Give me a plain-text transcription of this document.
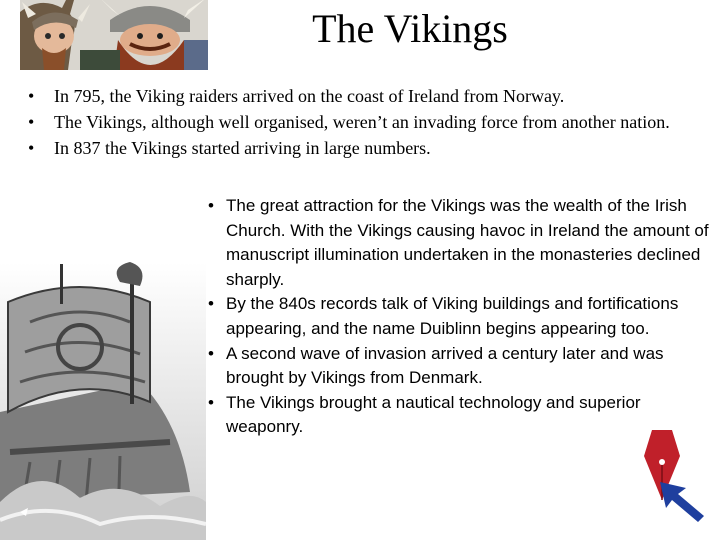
The Vikings
• In 795, the Viking raiders arrived on the coast of Ireland from Norway.
• The Vikings, although well organised, weren’t an invading force from another nation.
• In 837 the Vikings started arriving in large numbers.
• The great attraction for the Vikings was the wealth of the Irish Church. With the Vikings causing havoc in Ireland the amount of manuscript illumination undertaken in the monasteries declined sharply.
• By the 840s records talk of Viking buildings and fortifications appearing, and the name Duiblinn begins appearing too.
• A second wave of invasion arrived a century later and was brought by Vikings from Denmark.
• The Vikings brought a nautical technology and superior weaponry.
